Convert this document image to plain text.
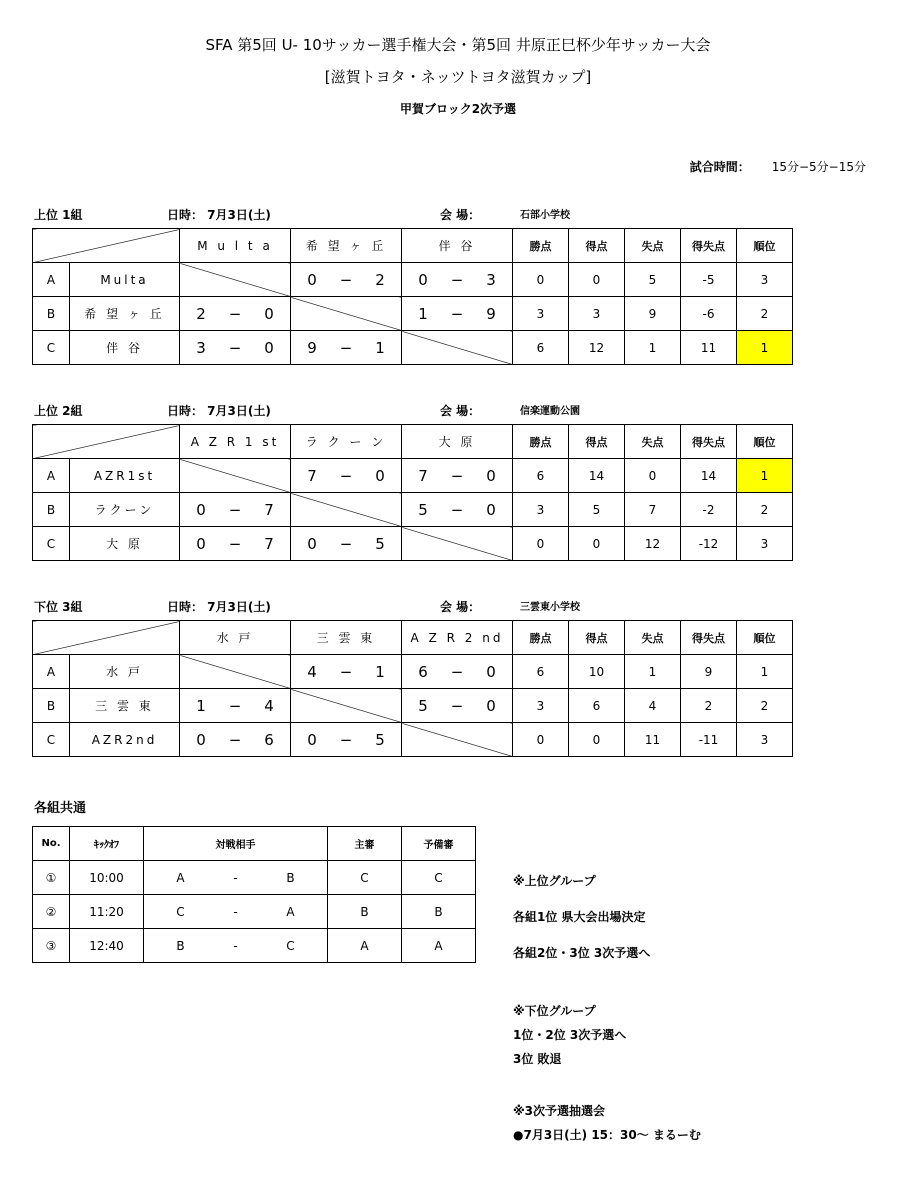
SFA 第5回 U- 10サッカー選手権大会・第5回 井原正巳杯少年サッカー大会
[滋賀トヨタ・ネッツトヨタ滋賀カップ]
甲賀ブロック2次予選
試合時間： 15分−5分−15分
上位 1組	日時： 7月3日(土)	会 場：	石部小学校
		M u l t a	希 望 ヶ 丘	伴 谷	勝点	得点	失点	得失点	順位
A	Multa		0 − 2	0 − 3	0	0	5	-5	3
B	希 望 ヶ 丘	2 − 0		1 − 9	3	3	9	-6	2
C	伴 谷	3 − 0	9 − 1		6	12	1	11	1
上位 2組	日時： 7月3日(土)	会 場：	信楽運動公園
		A Z R 1 st	ラ ク ー ン	大 原	勝点	得点	失点	得失点	順位
A	AZR1st		7 − 0	7 − 0	6	14	0	14	1
B	ラクーン	0 − 7		5 − 0	3	5	7	-2	2
C	大 原	0 − 7	0 − 5		0	0	12	-12	3
下位 3組	日時： 7月3日(土)	会 場：	三雲東小学校
		水 戸	三 雲 東	A Z R 2 nd	勝点	得点	失点	得失点	順位
A	水 戸		4 − 1	6 − 0	6	10	1	9	1
B	三 雲 東	1 − 4		5 − 0	3	6	4	2	2
C	AZR2nd	0 − 6	0 − 5		0	0	11	-11	3
各組共通
No.	ｷｯｸｵﾌ	対戦相手	主審	予備審
①	10:00	A - B	C	C
②	11:20	C - A	B	B
③	12:40	B - C	A	A
※上位グループ
各組1位 県大会出場決定
各組2位・3位 3次予選へ
※下位グループ
1位・2位 3次予選へ
3位 敗退
※3次予選抽選会
●7月3日(土) 15：30〜 まるーむ
